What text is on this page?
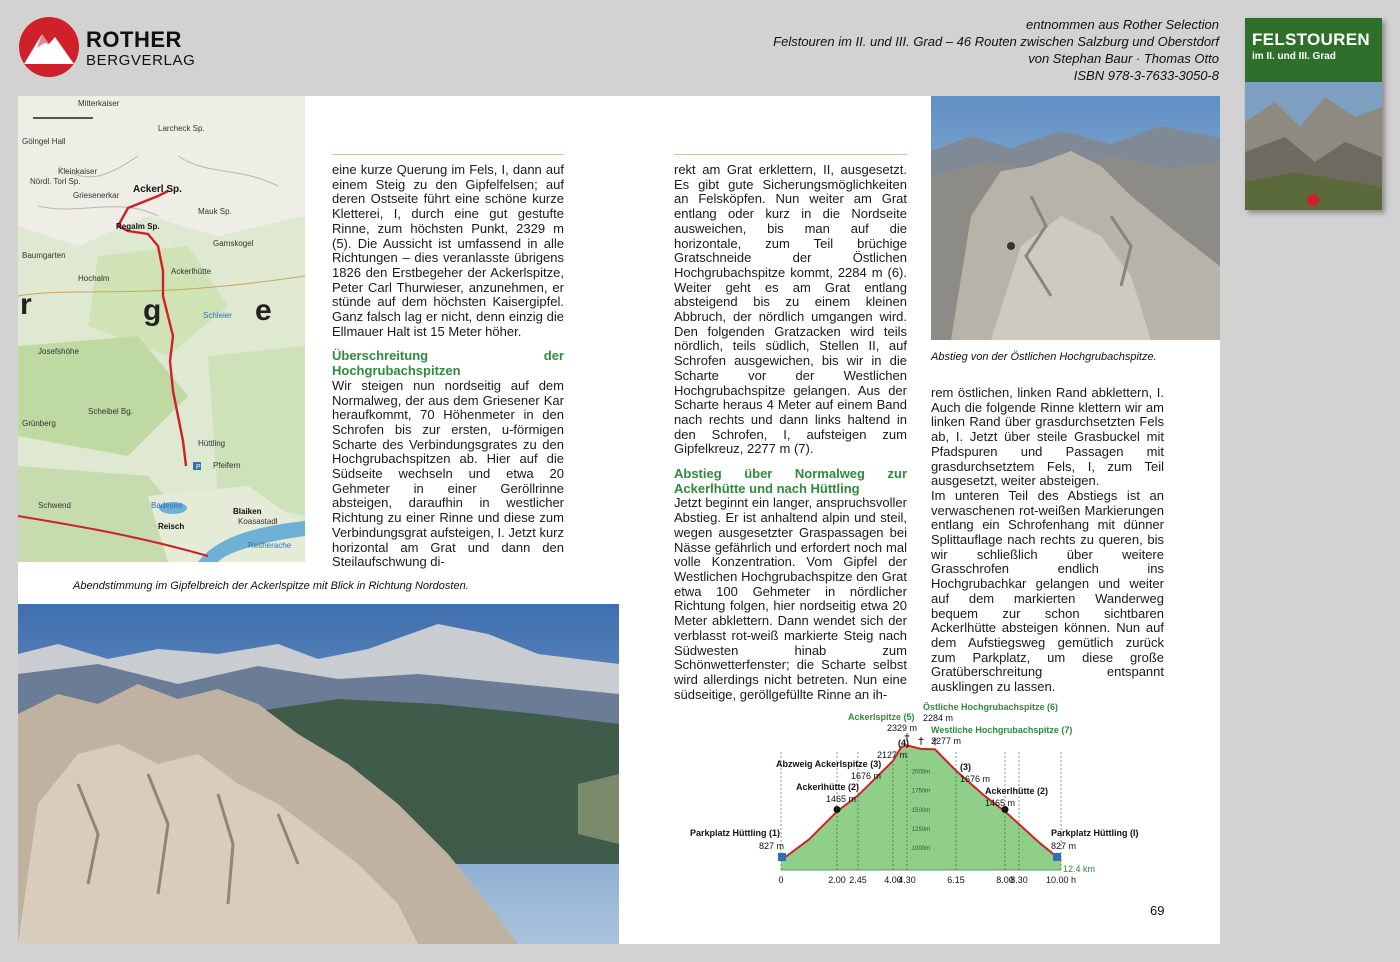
ROTHER
BERGVERLAG
entnommen aus Rother Selection
Felstouren im II. und III. Grad – 46 Routen zwischen Salzburg und Oberstdorf
von Stephan Baur · Thomas Otto
ISBN 978-3-7633-3050-8
FELSTOUREN
im II. und III. Grad
P
Mitterkaiser
Larcheck Sp.
Gölngel Hall
Kleinkaiser
Nördl. Torl Sp.
Griesenerkar
Ackerl Sp.
Regalm Sp.
Mauk Sp.
Gamskogel
Ackerlhütte
Baumgarten
Hochalm
Schleier
Josefshöhe
Grünberg
Scheibel Bg.
Hüttling
Pfeifern
Badesee
Reisch
Blaiken
Schwend
Reitherache
Koasastadl
r	g	e

eine kurze Querung im Fels, I, dann auf einem Steig zu den Gipfelfelsen; auf deren Ostseite führt eine schöne kurze Kletterei, I, durch eine gut gestufte Rinne, zum höchsten Punkt, 2329 m (5). Die Aussicht ist umfassend in alle Richtungen – dies veranlasste übrigens 1826 den Erstbegeher der Ackerlspitze, Peter Carl Thurwieser, anzunehmen, er stünde auf dem höchsten Kaisergipfel. Ganz falsch lag er nicht, denn einzig die Ellmauer Halt ist 15 Meter höher.

Überschreitung der Hochgrubachspitzen

Wir steigen nun nordseitig auf dem Normalweg, der aus dem Griesener Kar heraufkommt, 70 Höhenmeter in den Schrofen bis zur ersten, u-förmigen Scharte des Verbindungsgrates zu den Hochgrubachspitzen ab. Hier auf die Südseite wechseln und etwa 20 Gehmeter in einer Geröllrinne absteigen, daraufhin in westlicher Richtung zu einer Rinne und diese zum Verbindungsgrat aufsteigen, I. Jetzt kurz horizontal am Grat und dann den Steilaufschwung di-

rekt am Grat erklettern, II, ausgesetzt. Es gibt gute Sicherungsmöglichkeiten an Felsköpfen. Nun weiter am Grat entlang oder kurz in die Nordseite ausweichen, bis man auf die horizontale, zum Teil brüchige Gratschneide der Östlichen Hochgrubachspitze kommt, 2284 m (6). Weiter geht es am Grat entlang absteigend bis zu einem kleinen Abbruch, der nördlich umgangen wird. Den folgenden Gratzacken wird teils nördlich, teils südlich, Stellen II, auf Schrofen ausgewichen, bis wir in die Scharte vor der Westlichen Hochgrubachspitze gelangen. Aus der Scharte heraus 4 Meter auf einem Band nach rechts und dann links haltend in den Schrofen, I, aufsteigen zum Gipfelkreuz, 2277 m (7).

Abstieg über Normalweg zur Ackerlhütte und nach Hüttling

Jetzt beginnt ein langer, anspruchsvoller Abstieg. Er ist anhaltend alpin und steil, wegen ausgesetzter Graspassagen bei Nässe gefährlich und erfordert noch mal volle Konzentration. Vom Gipfel der Westlichen Hochgrubachspitze den Grat etwa 100 Gehmeter in nördlicher Richtung folgen, hier nordseitig etwa 20 Meter abklettern. Dann wendet sich der verblasst rot-weiß markierte Steig nach Südwesten hinab zum Schönwetterfenster; die Scharte selbst wird allerdings nicht betreten. Nun eine südseitige, geröllgefüllte Rinne an ih-

Abstieg von der Östlichen Hochgrubachspitze.

rem östlichen, linken Rand abklettern, I. Auch die folgende Rinne klettern wir am linken Rand über grasdurchsetzten Fels ab, I. Jetzt über steile Grasbuckel mit Pfadspuren und Passagen mit grasdurchsetztem Fels, I, zum Teil ausgesetzt, weiter absteigen.

Im unteren Teil des Abstiegs ist an verwaschenen rot-weißen Markierungen entlang ein Schrofenhang mit dünner Splittauflage nach rechts zu queren, bis wir schließlich über weitere Grasschrofen endlich ins Hochgrubachkar gelangen und weiter auf dem markierten Wanderweg bequem zur schon sichtbaren Ackerlhütte absteigen können. Nun auf dem Aufstiegsweg gemütlich zurück zum Parkplatz, um diese große Gratüberschreitung entspannt ausklingen zu lassen.

Abendstimmung im Gipfelbreich der Ackerlspitze mit Blick in Richtung Nordosten.
0	2.00 2.45 4.00
4.30	6.15	8.00
8.30 10.00 h
2000m
1750m
1500m
1250m
1000m
Parkplatz Hüttling (1)
827 m
Ackerlhütte (2)
1465 m
Abzweig Ackerlspitze (3)
1676 m
(4)
2127 m
Ackerlspitze (5)
2329 m
Östliche Hochgrubachspitze (6)
2284 m
Westliche Hochgrubachspitze (7)
2277 m
(3)
1676 m
Ackerlhütte (2)
1465 m
Parkplatz Hüttling (I)
827 m
12.4 km
69
